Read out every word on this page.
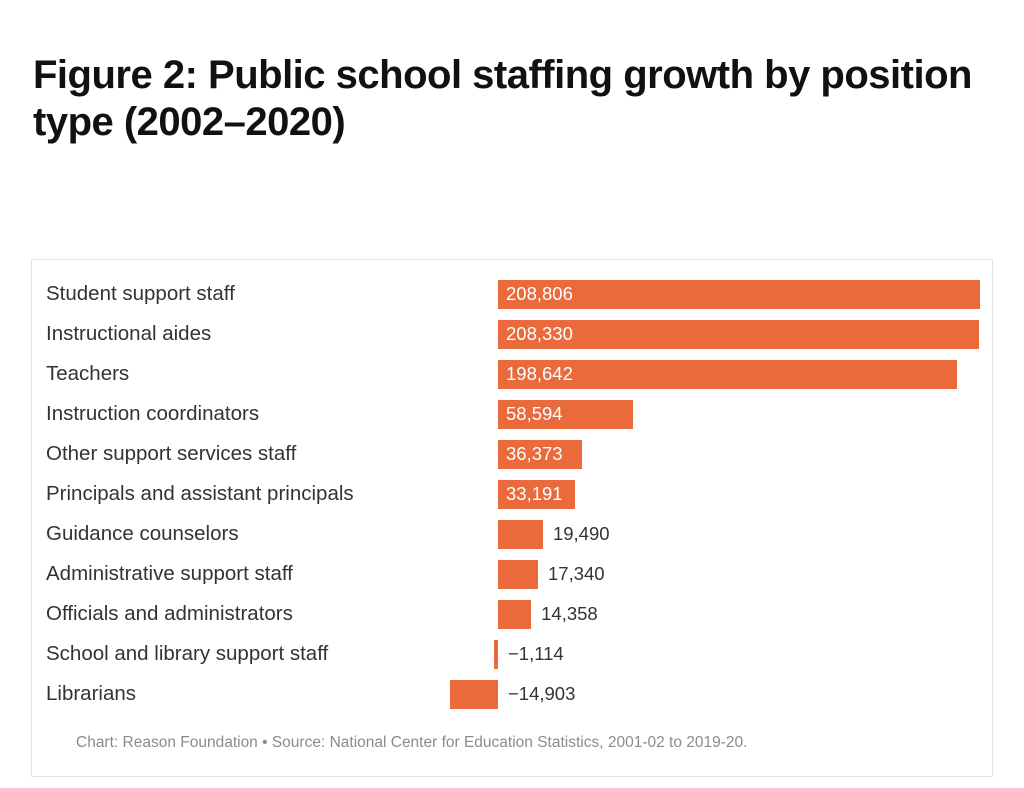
Figure 2: Public school staffing growth by position type (2002–2020)
Student support staff	208,806
Instructional aides	208,330
Teachers	198,642
Instruction coordinators	58,594
Other support services staff	36,373
Principals and assistant principals	33,191
Guidance counselors	19,490
Administrative support staff	17,340
Officials and administrators	14,358
School and library support staff	−1,114
Librarians	−14,903
Chart: Reason Foundation • Source: National Center for Education Statistics, 2001-02 to 2019-20.
